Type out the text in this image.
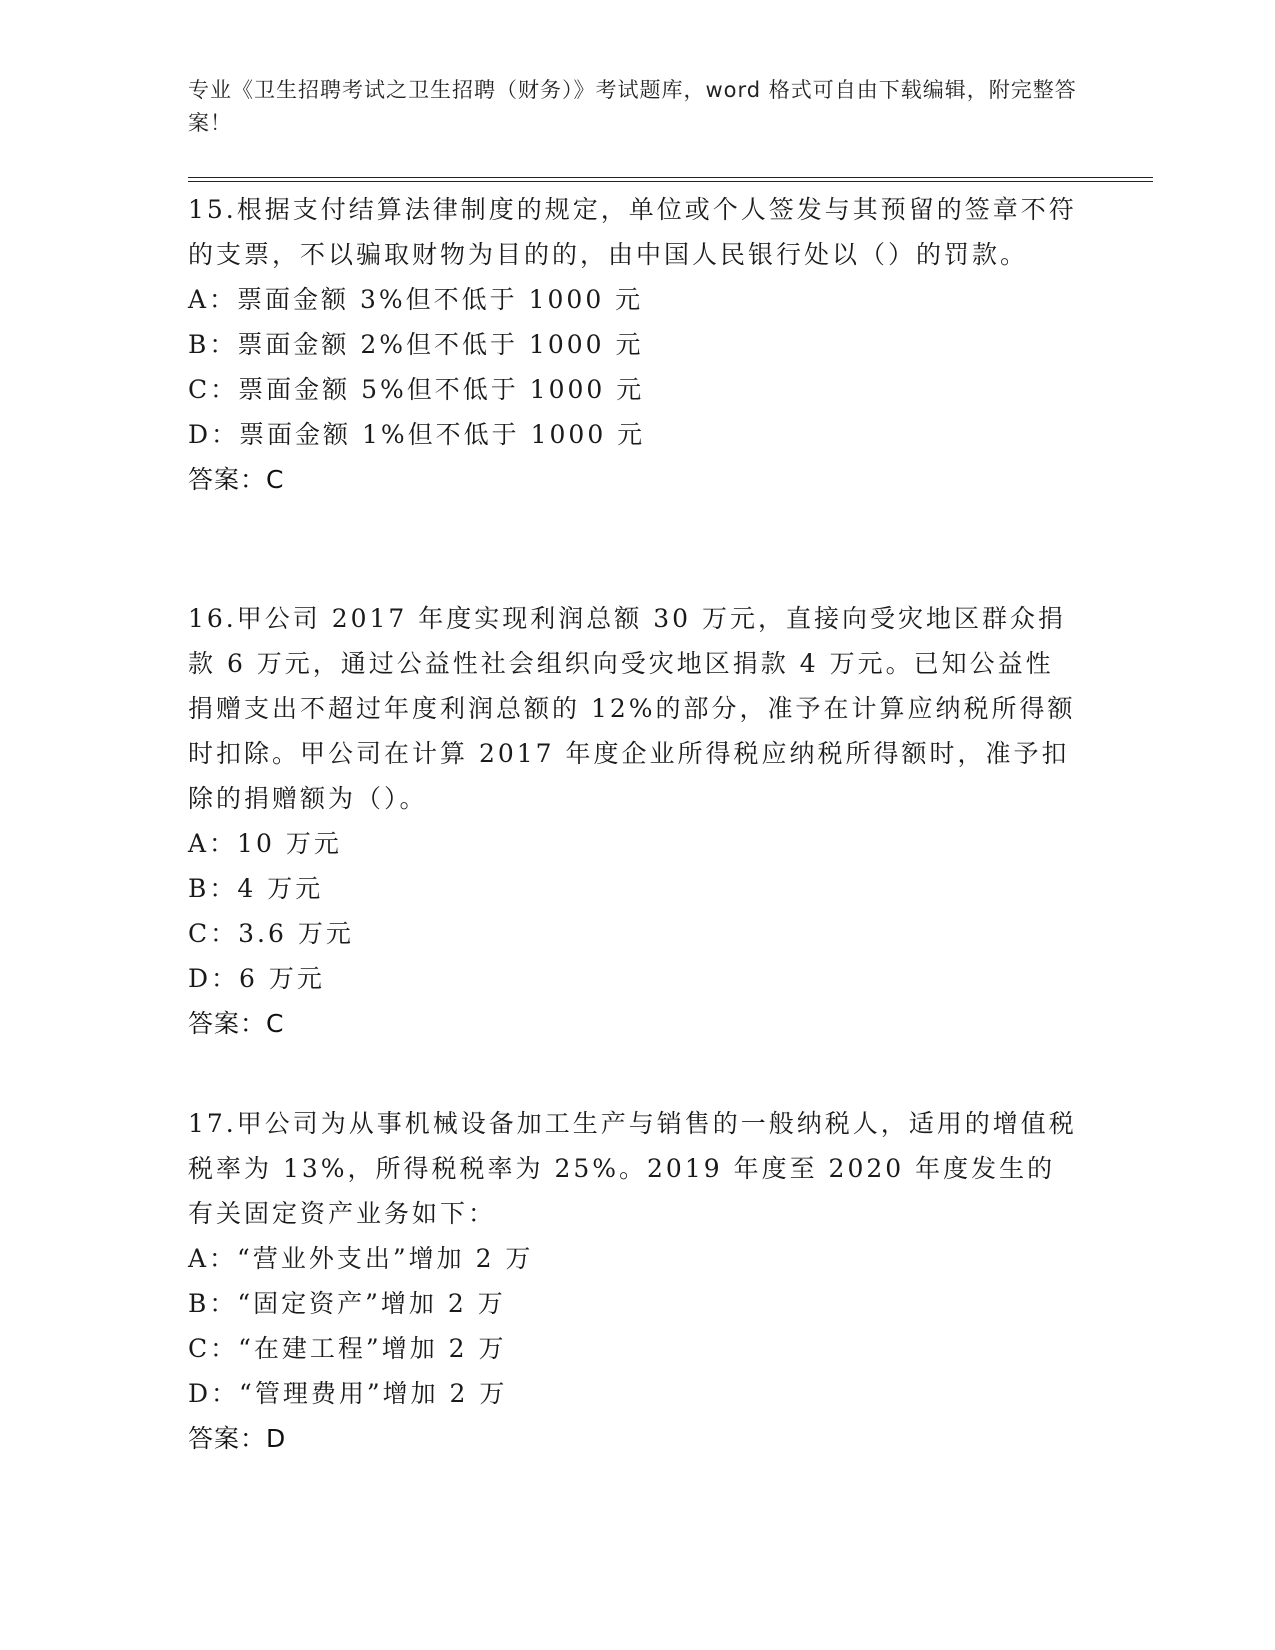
专业《卫生招聘考试之卫生招聘（财务）》考试题库，word 格式可自由下载编辑，附完整答案！
15.根据支付结算法律制度的规定，单位或个人签发与其预留的签章不符的支票，不以骗取财物为目的的，由中国人民银行处以（）的罚款。
A：票面金额 3%但不低于 1000 元
B：票面金额 2%但不低于 1000 元
C：票面金额 5%但不低于 1000 元
D：票面金额 1%但不低于 1000 元
答案：C
16.甲公司 2017 年度实现利润总额 30 万元，直接向受灾地区群众捐款 6 万元，通过公益性社会组织向受灾地区捐款 4 万元。已知公益性捐赠支出不超过年度利润总额的 12%的部分，准予在计算应纳税所得额时扣除。甲公司在计算 2017 年度企业所得税应纳税所得额时，准予扣除的捐赠额为（）。
A：10 万元
B：4 万元
C：3.6 万元
D：6 万元
答案：C
17.甲公司为从事机械设备加工生产与销售的一般纳税人，适用的增值税税率为 13%，所得税税率为 25%。2019 年度至 2020 年度发生的有关固定资产业务如下：
A：“营业外支出”增加 2 万
B：“固定资产”增加 2 万
C：“在建工程”增加 2 万
D：“管理费用”增加 2 万
答案：D
